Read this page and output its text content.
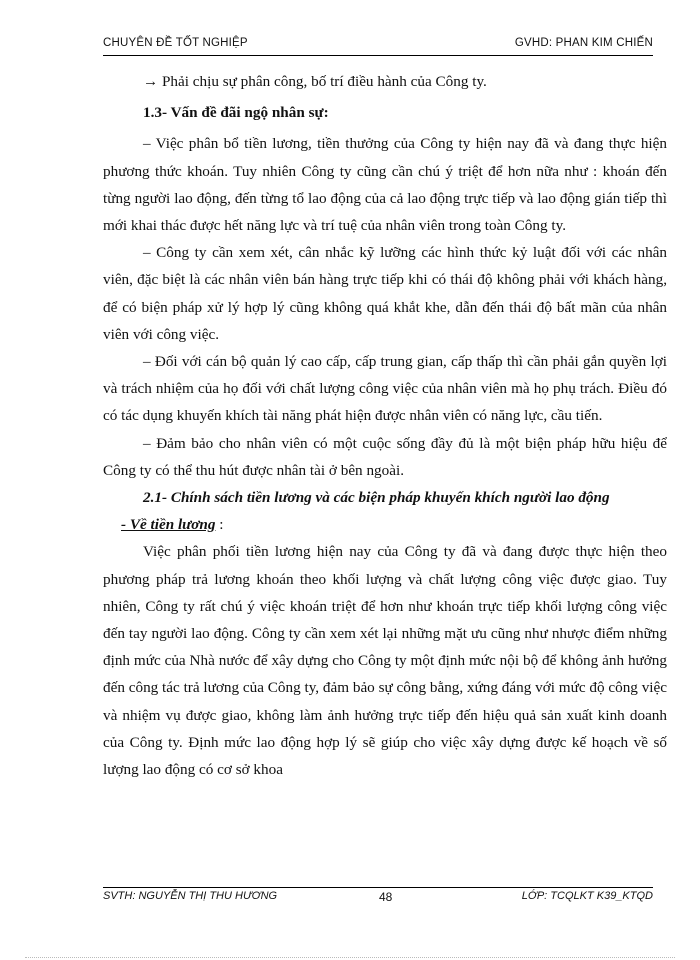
CHUYÊN ĐỀ TỐT NGHIỆP	GVHD: PHAN KIM CHIẾN

→ Phải chịu sự phân công, bố trí điều hành của Công ty.

1.3- Vấn đề đãi ngộ nhân sự:

– Việc phân bổ tiền lương, tiền thưởng của Công ty hiện nay đã và đang thực hiện phương thức khoán. Tuy nhiên Công ty cũng cần chú ý triệt để hơn nữa như : khoán đến từng người lao động, đến từng tổ lao động của cả lao động trực tiếp và lao động gián tiếp thì mới khai thác được hết năng lực và trí tuệ của nhân viên trong toàn Công ty.

– Công ty cần xem xét, cân nhắc kỹ lưỡng các hình thức kỷ luật đối với các nhân viên, đặc biệt là các nhân viên bán hàng trực tiếp khi có thái độ không phải với khách hàng, để có biện pháp xử lý hợp lý cũng không quá khắt khe, dẫn đến thái độ bất mãn của nhân viên với công việc.

– Đối với cán bộ quản lý cao cấp, cấp trung gian, cấp thấp thì cần phải gắn quyền lợi và trách nhiệm của họ đối với chất lượng công việc của nhân viên mà họ phụ trách. Điều đó có tác dụng khuyến khích tài năng phát hiện được nhân viên có năng lực, cầu tiến.

– Đảm bảo cho nhân viên có một cuộc sống đầy đủ là một biện pháp hữu hiệu để Công ty có thể thu hút được nhân tài ở bên ngoài.

2.1- Chính sách tiền lương và các biện pháp khuyến khích người lao động

- Về tiền lương :

Việc phân phối tiền lương hiện nay của Công ty đã và đang được thực hiện theo phương pháp trả lương khoán theo khối lượng và chất lượng công việc được giao. Tuy nhiên, Công ty rất chú ý việc khoán triệt để hơn như khoán trực tiếp khối lượng công việc đến tay người lao động. Công ty cần xem xét lại những mặt ưu cũng như nhược điểm những định mức của Nhà nước để xây dựng cho Công ty một định mức nội bộ để không ảnh hưởng đến công tác trả lương của Công ty, đảm bảo sự công bằng, xứng đáng với mức độ công việc và nhiệm vụ được giao, không làm ảnh hưởng trực tiếp đến hiệu quả sản xuất kinh doanh của Công ty. Định mức lao động hợp lý sẽ giúp cho việc xây dựng được kế hoạch về số lượng lao động có cơ sở khoa

SVTH: NGUYỄN THỊ THU HƯƠNG	48	LỚP: TCQLKT K39_KTQD
